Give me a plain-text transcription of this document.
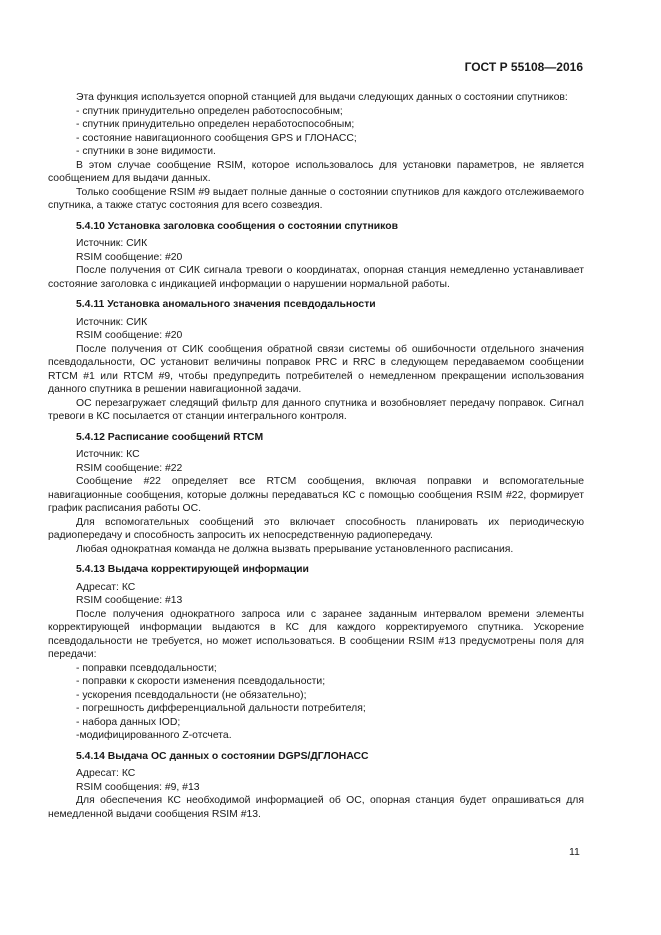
ГОСТ Р 55108—2016

Эта функция используется опорной станцией для выдачи следующих данных о состоянии спутников:

- спутник принудительно определен работоспособным;

- спутник принудительно определен неработоспособным;

- состояние навигационного сообщения GPS и ГЛОНАСС;

- спутники в зоне видимости.

В этом случае сообщение RSIM, которое использовалось для установки параметров, не является сообщением для выдачи данных.

Только сообщение RSIM #9 выдает полные данные о состоянии спутников для каждого отслеживаемого спутника, а также статус состояния для всего созвездия.

5.4.10 Установка заголовка сообщения о состоянии спутников

Источник: СИК

RSIM сообщение: #20

После получения от СИК сигнала тревоги о координатах, опорная станция немедленно устанавливает состояние заголовка с индикацией информации о нарушении нормальной работы.

5.4.11 Установка аномального значения псевдодальности

Источник: СИК

RSIM сообщение: #20

После получения от СИК сообщения обратной связи системы об ошибочности отдельного значения псевдодальности, ОС установит величины поправок PRC и RRC в следующем передаваемом сообщении RTCM #1 или RTCM #9, чтобы предупредить потребителей о немедленном прекращении использования данного спутника в решении навигационной задачи.

ОС перезагружает следящий фильтр для данного спутника и возобновляет передачу поправок. Сигнал тревоги в КС посылается от станции интегрального контроля.

5.4.12 Расписание сообщений RTCM

Источник: КС

RSIM сообщение: #22

Сообщение #22 определяет все RTCM сообщения, включая поправки и вспомогательные навигационные сообщения, которые должны передаваться КС с помощью сообщения RSIM #22, формирует график расписания работы ОС.

Для вспомогательных сообщений это включает способность планировать их периодическую радиопередачу и способность запросить их непосредственную радиопередачу.

Любая однократная команда не должна вызвать прерывание установленного расписания.

5.4.13 Выдача корректирующей информации

Адресат: КС

RSIM сообщение: #13

После получения однократного запроса или с заранее заданным интервалом времени элементы корректирующей информации выдаются в КС для каждого корректируемого спутника. Ускорение псевдодальности не требуется, но может использоваться. В сообщении RSIM #13 предусмотрены поля для передачи:

- поправки псевдодальности;

- поправки к скорости изменения псевдодальности;

- ускорения псевдодальности (не обязательно);

- погрешность дифференциальной дальности потребителя;

- набора данных IOD;

-модифицированного Z-отсчета.

5.4.14 Выдача ОС данных о состоянии DGPS/ДГЛОНАСС

Адресат: КС

RSIM сообщения: #9, #13

Для обеспечения КС необходимой информацией об ОС, опорная станция будет опрашиваться для немедленной выдачи сообщения RSIM #13.

11
